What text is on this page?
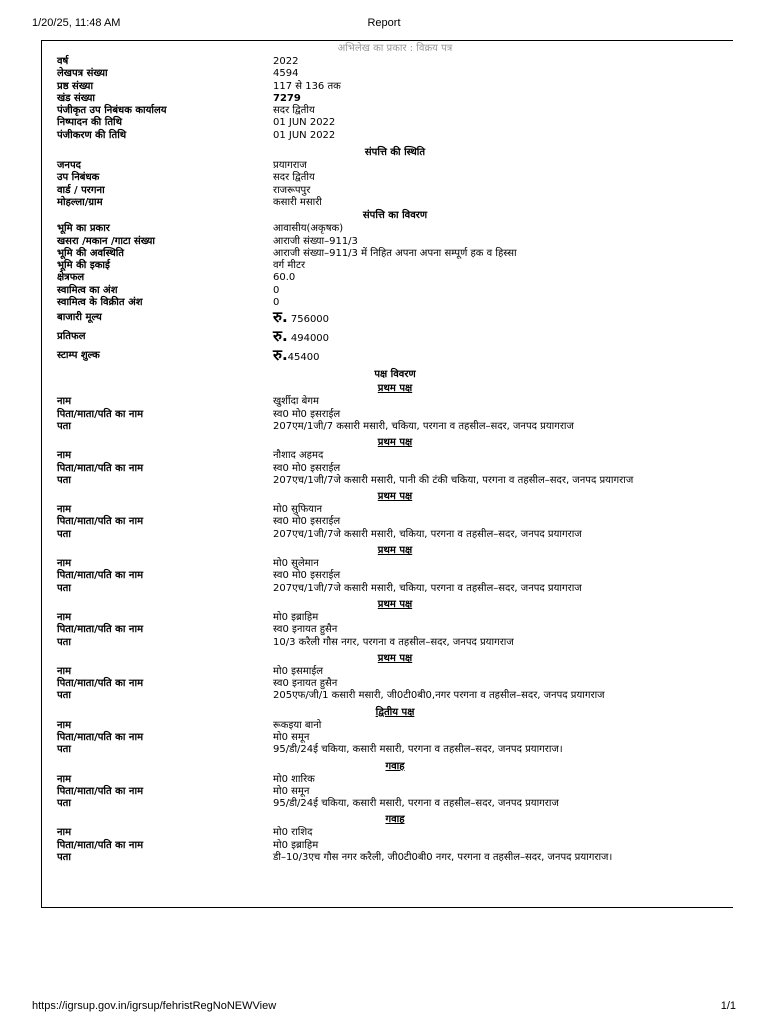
1/20/25, 11:48 AM	Report
अभिलेख का प्रकार : विक्रय पत्र
वर्ष	2022
लेखपत्र संख्या	4594
प्रष्ठ संख्या	117 से 136 तक
खंड संख्या	7279
पंजीकृत उप निबंधक कार्यालय	सदर द्वितीय
निष्पादन की तिथि	01 JUN 2022
पंजीकरण की तिथि	01 JUN 2022
संपत्ति की स्थिति
जनपद	प्रयागराज
उप निबंधक	सदर द्वितीय
वार्ड / परगना	राजरूपपुर
मोहल्ला/ग्राम	कसारी मसारी
संपत्ति का विवरण
भूमि का प्रकार	आवासीय(अकृषक)
खसरा /मकान /गाटा संख्या	आराजी संख्या–911/3
भूमि की अवस्थिति	आराजी संख्या–911/3 में निहित अपना अपना सम्पूर्ण हक व हिस्सा
भूमि की इकाई	वर्ग मीटर
क्षेत्रफल	60.0
स्वामित्व का अंश	0
स्वामित्व के विक्रीत अंश	0
बाजारी मूल्य	रु. 756000
प्रतिफल	रु. 494000
स्टाम्प शुल्क	रु.45400
पक्ष विवरण
प्रथम पक्ष
नाम	खुर्शीदा बेगम
पिता/माता/पति का नाम	स्व0 मो0 इसराईल
पता	207एम/1जी/7 कसारी मसारी, चकिया, परगना व तहसील–सदर, जनपद प्रयागराज
प्रथम पक्ष
नाम	नौशाद अहमद
पिता/माता/पति का नाम	स्व0 मो0 इसराईल
पता	207एच/1जी/7जे कसारी मसारी, पानी की टंकी चकिया, परगना व तहसील–सदर, जनपद प्रयागराज
प्रथम पक्ष
नाम	मो0 सुफियान
पिता/माता/पति का नाम	स्व0 मो0 इसराईल
पता	207एच/1जी/7जे कसारी मसारी, चकिया, परगना व तहसील–सदर, जनपद प्रयागराज
प्रथम पक्ष
नाम	मो0 सुलेमान
पिता/माता/पति का नाम	स्व0 मो0 इसराईल
पता	207एच/1जी/7जे कसारी मसारी, चकिया, परगना व तहसील–सदर, जनपद प्रयागराज
प्रथम पक्ष
नाम	मो0 इब्राहिम
पिता/माता/पति का नाम	स्व0 इनायत हुसैन
पता	10/3 करैली गौस नगर, परगना व तहसील–सदर, जनपद प्रयागराज
प्रथम पक्ष
नाम	मो0 इसमाईल
पिता/माता/पति का नाम	स्व0 इनायत हुसैन
पता	205एफ/जी/1 कसारी मसारी, जी0टी0बी0,नगर परगना व तहसील–सदर, जनपद प्रयागराज
द्वितीय पक्ष
नाम	रूकइया बानो
पिता/माता/पति का नाम	मो0 समून
पता	95/डी/24ई चकिया, कसारी मसारी, परगना व तहसील–सदर, जनपद प्रयागराज।
गवाह
नाम	मो0 शारिक
पिता/माता/पति का नाम	मो0 समून
पता	95/डी/24ई चकिया, कसारी मसारी, परगना व तहसील–सदर, जनपद प्रयागराज
गवाह
नाम	मो0 राशिद
पिता/माता/पति का नाम	मो0 इब्राहिम
पता	डी–10/3एच गौस नगर करैली, जी0टी0बी0 नगर, परगना व तहसील–सदर, जनपद प्रयागराज।
https://igrsup.gov.in/igrsup/fehristRegNoNEWView	1/1
